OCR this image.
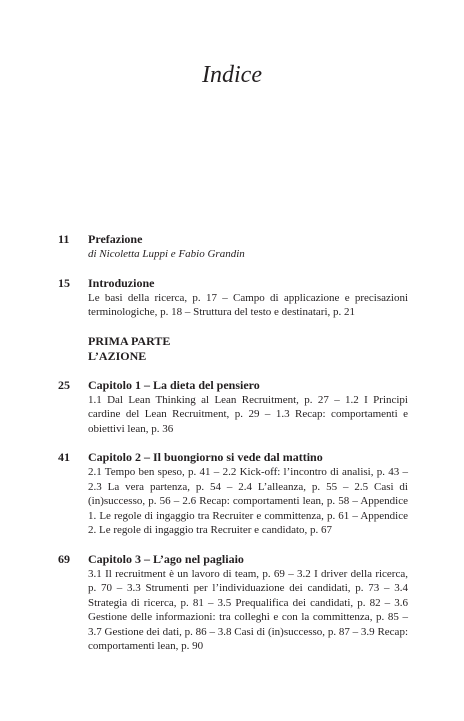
Indice
11	Prefazione
di Nicoletta Luppi e Fabio Grandin
15	Introduzione
Le basi della ricerca, p. 17 – Campo di applicazione e precisazioni terminologiche, p. 18 – Struttura del testo e destinatari, p. 21
PRIMA PARTE
L’AZIONE
25	Capitolo 1 – La dieta del pensiero
1.1 Dal Lean Thinking al Lean Recruitment, p. 27 – 1.2 I Principi cardine del Lean Recruitment, p. 29 – 1.3 Recap: comportamenti e obiettivi lean, p. 36
41	Capitolo 2 – Il buongiorno si vede dal mattino
2.1 Tempo ben speso, p. 41 – 2.2 Kick-off: l’incontro di analisi, p. 43 – 2.3 La vera partenza, p. 54 – 2.4 L’alleanza, p. 55 – 2.5 Casi di (in)successo, p. 56 – 2.6 Recap: comportamenti lean, p. 58 – Appendice 1. Le regole di ingaggio tra Recruiter e committenza, p. 61 – Appendice 2. Le regole di ingaggio tra Recruiter e candidato, p. 67
69	Capitolo 3 – L’ago nel pagliaio
3.1 Il recruitment è un lavoro di team, p. 69 – 3.2 I driver della ricerca, p. 70 – 3.3 Strumenti per l’individuazione dei candidati, p. 73 – 3.4 Strategia di ricerca, p. 81 – 3.5 Prequalifica dei candidati, p. 82 – 3.6 Gestione delle informazioni: tra colleghi e con la committenza, p. 85 – 3.7 Gestione dei dati, p. 86 – 3.8 Casi di (in)successo, p. 87 – 3.9 Recap: comportamenti lean, p. 90
